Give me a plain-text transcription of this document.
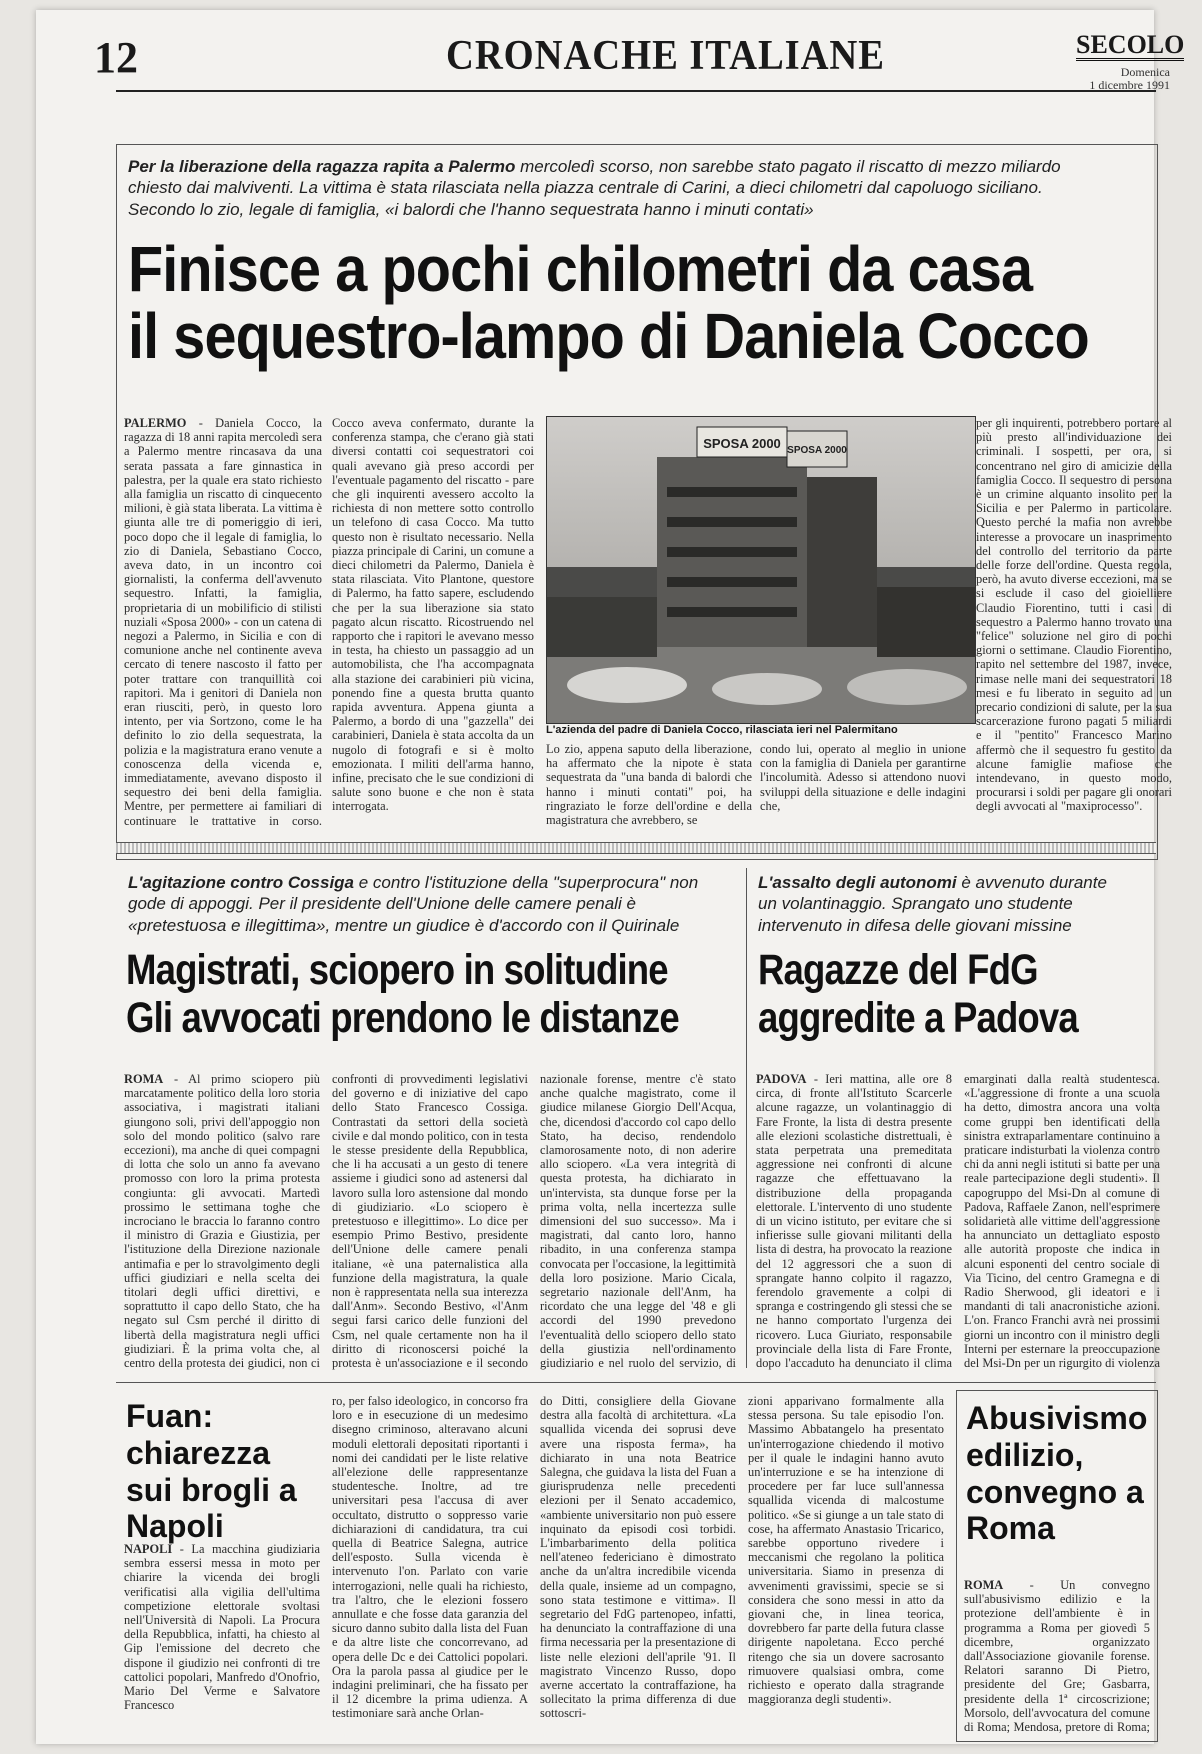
12	CRONACHE ITALIANE	SECOLO
Domenica
1 dicembre 1991
Per la liberazione della ragazza rapita a Palermo mercoledì scorso, non sarebbe stato pagato il riscatto di mezzo miliardo chiesto dai malviventi. La vittima è stata rilasciata nella piazza centrale di Carini, a dieci chilometri dal capoluogo siciliano. Secondo lo zio, legale di famiglia, «i balordi che l'hanno sequestrata hanno i minuti contati»
Finisce a pochi chilometri da casa
il sequestro-lampo di Daniela Cocco
PALERMO - Daniela Cocco, la ragazza di 18 anni rapita mercoledì sera a Palermo mentre rincasava da una serata passata a fare ginnastica in palestra, per la quale era stato richiesto alla famiglia un riscatto di cinquecento milioni, è già stata liberata. La vittima è giunta alle tre di pomeriggio di ieri, poco dopo che il legale di famiglia, lo zio di Daniela, Sebastiano Cocco, aveva dato, in un incontro coi giornalisti, la conferma dell'avvenuto sequestro. Infatti, la famiglia, proprietaria di un mobilificio di stilisti nuziali «Sposa 2000» - con un catena di negozi a Palermo, in Sicilia e con di comunione anche nel continente aveva cercato di tenere nascosto il fatto per poter trattare con tranquillità coi rapitori. Ma i genitori di Daniela non eran riusciti, però, in questo loro intento, per via Sortzono, come le ha definito lo zio della sequestrata, la polizia e la magistratura erano venute a conoscenza della vicenda e, immediatamente, avevano disposto il sequestro dei beni della famiglia. Mentre, per permettere ai familiari di continuare le trattative in corso.
Cocco aveva confermato, durante la conferenza stampa, che c'erano già stati diversi contatti coi sequestratori coi quali avevano già preso accordi per l'eventuale pagamento del riscatto - pare che gli inquirenti avessero accolto la richiesta di non mettere sotto controllo un telefono di casa Cocco. Ma tutto questo non è risultato necessario. Nella piazza principale di Carini, un comune a dieci chilometri da Palermo, Daniela è stata rilasciata. Vito Plantone, questore di Palermo, ha fatto sapere, escludendo che per la sua liberazione sia stato pagato alcun riscatto. Ricostruendo nel rapporto che i rapitori le avevano messo in testa, ha chiesto un passaggio ad un automobilista, che l'ha accompagnata alla stazione dei carabinieri più vicina, ponendo fine a questa brutta quanto rapida avventura. Appena giunta a Palermo, a bordo di una "gazzella" dei carabinieri, Daniela è stata accolta da un nugolo di fotografi e si è molto emozionata. I militi dell'arma hanno, infine, precisato che le sue condizioni di salute sono buone e che non è stata interrogata.
SPOSA 2000 SPOSA 2000
L'azienda del padre di Daniela Cocco, rilasciata ieri nel Palermitano
Lo zio, appena saputo della liberazione, ha affermato che la nipote è stata sequestrata da "una banda di balordi che hanno i minuti contati" poi, ha ringraziato le forze dell'ordine e della magistratura che avrebbero, se
condo lui, operato al meglio in unione con la famiglia di Daniela per garantirne l'incolumità. Adesso si attendono nuovi sviluppi della situazione e delle indagini che,
per gli inquirenti, potrebbero portare al più presto all'individuazione dei criminali. I sospetti, per ora, si concentrano nel giro di amicizie della famiglia Cocco. Il sequestro di persona è un crimine alquanto insolito per la Sicilia e per Palermo in particolare. Questo perché la mafia non avrebbe interesse a provocare un inasprimento del controllo del territorio da parte delle forze dell'ordine. Questa regola, però, ha avuto diverse eccezioni, ma se si esclude il caso del gioielliere Claudio Fiorentino, tutti i casi di sequestro a Palermo hanno trovato una "felice" soluzione nel giro di pochi giorni o settimane. Claudio Fiorentino, rapito nel settembre del 1987, invece, rimase nelle mani dei sequestratori 18 mesi e fu liberato in seguito ad un precario condizioni di salute, per la sua scarcerazione furono pagati 5 miliardi e il "pentito" Francesco Marino affermò che il sequestro fu gestito da alcune famiglie mafiose che intendevano, in questo modo, procurarsi i soldi per pagare gli onorari degli avvocati al "maxiprocesso".
L'agitazione contro Cossiga e contro l'istituzione della "superprocura" non gode di appoggi. Per il presidente dell'Unione delle camere penali è «pretestuosa e illegittima», mentre un giudice è d'accordo con il Quirinale
Magistrati, sciopero in solitudine
Gli avvocati prendono le distanze
ROMA - Al primo sciopero più marcatamente politico della loro storia associativa, i magistrati italiani giungono soli, privi dell'appoggio non solo del mondo politico (salvo rare eccezioni), ma anche di quei compagni di lotta che solo un anno fa avevano promosso con loro la prima protesta congiunta: gli avvocati. Martedì prossimo le settimana toghe che incrociano le braccia lo faranno contro il ministro di Grazia e Giustizia, per l'istituzione della Direzione nazionale antimafia e per lo stravolgimento degli uffici giudiziari e nella scelta dei titolari degli uffici direttivi, e soprattutto il capo dello Stato, che ha negato sul Csm perché il diritto di libertà della magistratura negli uffici giudiziari. È la prima volta che, al centro della protesta dei giudici, non ci
confronti di provvedimenti legislativi del governo e di iniziative del capo dello Stato Francesco Cossiga. Contrastati da settori della società civile e dal mondo politico, con in testa le stesse presidente della Repubblica, che li ha accusati a un gesto di tenere assieme i giudici sono ad astenersi dal lavoro sulla loro astensione dal mondo di giudiziario. «Lo sciopero è pretestuoso e illegittimo». Lo dice per esempio Primo Bestivo, presidente dell'Unione delle camere penali italiane, «è una paternalistica alla funzione della magistratura, la quale non è rappresentata nella sua interezza dall'Anm». Secondo Bestivo, «l'Anm segui farsi carico delle funzioni del Csm, nel quale certamente non ha il diritto di riconoscersi poiché la protesta è un'associazione e il secondo
nazionale forense, mentre c'è stato anche qualche magistrato, come il giudice milanese Giorgio Dell'Acqua, che, dicendosi d'accordo col capo dello Stato, ha deciso, rendendolo clamorosamente noto, di non aderire allo sciopero. «La vera integrità di questa protesta, ha dichiarato in un'intervista, sta dunque forse per la prima volta, nella incertezza sulle dimensioni del suo successo». Ma i magistrati, dal canto loro, hanno ribadito, in una conferenza stampa convocata per l'occasione, la legittimità della loro posizione. Mario Cicala, segretario nazionale dell'Anm, ha ricordato che una legge del '48 e gli accordi del 1990 prevedono l'eventualità dello sciopero dello stato della giustizia nell'ordinamento giudiziario e nel ruolo del servizio, di
L'assalto degli autonomi è avvenuto durante un volantinaggio. Sprangato uno studente intervenuto in difesa delle giovani missine
Ragazze del FdG
aggredite a Padova
PADOVA - Ieri mattina, alle ore 8 circa, di fronte all'Istituto Scarcerle alcune ragazze, un volantinaggio di Fare Fronte, la lista di destra presente alle elezioni scolastiche distrettuali, è stata perpetrata una premeditata aggressione nei confronti di alcune ragazze che effettuavano la distribuzione della propaganda elettorale. L'intervento di uno studente di un vicino istituto, per evitare che si infierisse sulle giovani militanti della lista di destra, ha provocato la reazione del 12 aggressori che a suon di sprangate hanno colpito il ragazzo, ferendolo gravemente a colpi di spranga e costringendo gli stessi che se ne hanno comportato l'urgenza dei ricovero. Luca Giuriato, responsabile provinciale della lista di Fare Fronte, dopo l'accaduto ha denunciato il clima
emarginati dalla realtà studentesca. «L'aggressione di fronte a una scuola ha detto, dimostra ancora una volta come gruppi ben identificati della sinistra extraparlamentare continuino a praticare indisturbati la violenza contro chi da anni negli istituti si batte per una reale partecipazione degli studenti». Il capogruppo del Msi-Dn al comune di Padova, Raffaele Zanon, nell'esprimere solidarietà alle vittime dell'aggressione ha annunciato un dettagliato esposto alle autorità proposte che indica in alcuni esponenti del centro sociale di Via Ticino, del centro Gramegna e di Radio Sherwood, gli ideatori e i mandanti di tali anacronistiche azioni. L'on. Franco Franchi avrà nei prossimi giorni un incontro con il ministro degli Interni per esternare la preoccupazione del Msi-Dn per un rigurgito di violenza
Fuan: chiarezza sui brogli a Napoli
NAPOLI - La macchina giudiziaria sembra essersi messa in moto per chiarire la vicenda dei brogli verificatisi alla vigilia dell'ultima competizione elettorale svoltasi nell'Università di Napoli. La Procura della Repubblica, infatti, ha chiesto al Gip l'emissione del decreto che dispone il giudizio nei confronti di tre cattolici popolari, Manfredo d'Onofrio, Mario Del Verme e Salvatore Francesco
ro, per falso ideologico, in concorso fra loro e in esecuzione di un medesimo disegno criminoso, alteravano alcuni moduli elettorali depositati riportanti i nomi dei candidati per le liste relative all'elezione delle rappresentanze studentesche. Inoltre, ad tre universitari pesa l'accusa di aver occultato, distrutto o soppresso varie dichiarazioni di candidatura, tra cui quella di Beatrice Salegna, autrice dell'esposto. Sulla vicenda è intervenuto l'on. Parlato con varie interrogazioni, nelle quali ha richiesto, tra l'altro, che le elezioni fossero annullate e che fosse data garanzia del sicuro danno subito dalla lista del Fuan e da altre liste che concorrevano, ad opera delle Dc e dei Cattolici popolari. Ora la parola passa al giudice per le indagini preliminari, che ha fissato per il 12 dicembre la prima udienza. A testimoniare sarà anche Orlan-
do Ditti, consigliere della Giovane destra alla facoltà di architettura. «La squallida vicenda dei soprusi deve avere una risposta ferma», ha dichiarato in una nota Beatrice Salegna, che guidava la lista del Fuan a giurisprudenza nelle precedenti elezioni per il Senato accademico, «ambiente universitario non può essere inquinato da episodi così torbidi. L'imbarbarimento della politica nell'ateneo federiciano è dimostrato anche da un'altra incredibile vicenda della quale, insieme ad un compagno, sono stata testimone e vittima». Il segretario del FdG partenopeo, infatti, ha denunciato la contraffazione di una firma necessaria per la presentazione di liste nelle elezioni dell'aprile '91. Il magistrato Vincenzo Russo, dopo averne accertato la contraffazione, ha sollecitato la prima differenza di due sottoscri-
zioni apparivano formalmente alla stessa persona. Su tale episodio l'on. Massimo Abbatangelo ha presentato un'interrogazione chiedendo il motivo per il quale le indagini hanno avuto un'interruzione e se ha intenzione di procedere per far luce sull'annessa squallida vicenda di malcostume politico. «Se si giunge a un tale stato di cose, ha affermato Anastasio Tricarico, sarebbe opportuno rivedere i meccanismi che regolano la politica universitaria. Siamo in presenza di avvenimenti gravissimi, specie se si considera che sono messi in atto da giovani che, in linea teorica, dovrebbero far parte della futura classe dirigente napoletana. Ecco perché ritengo che sia un dovere sacrosanto rimuovere qualsiasi ombra, come richiesto e operato dalla stragrande maggioranza degli studenti».
Abusivismo edilizio, convegno a Roma
ROMA - Un convegno sull'abusivismo edilizio e la protezione dell'ambiente è in programma a Roma per giovedì 5 dicembre, organizzato dall'Associazione giovanile forense. Relatori saranno Di Pietro, presidente del Gre; Gasbarra, presidente della 1ª circoscrizione; Morsolo, dell'avvocatura del comune di Roma; Mendosa, pretore di Roma;
